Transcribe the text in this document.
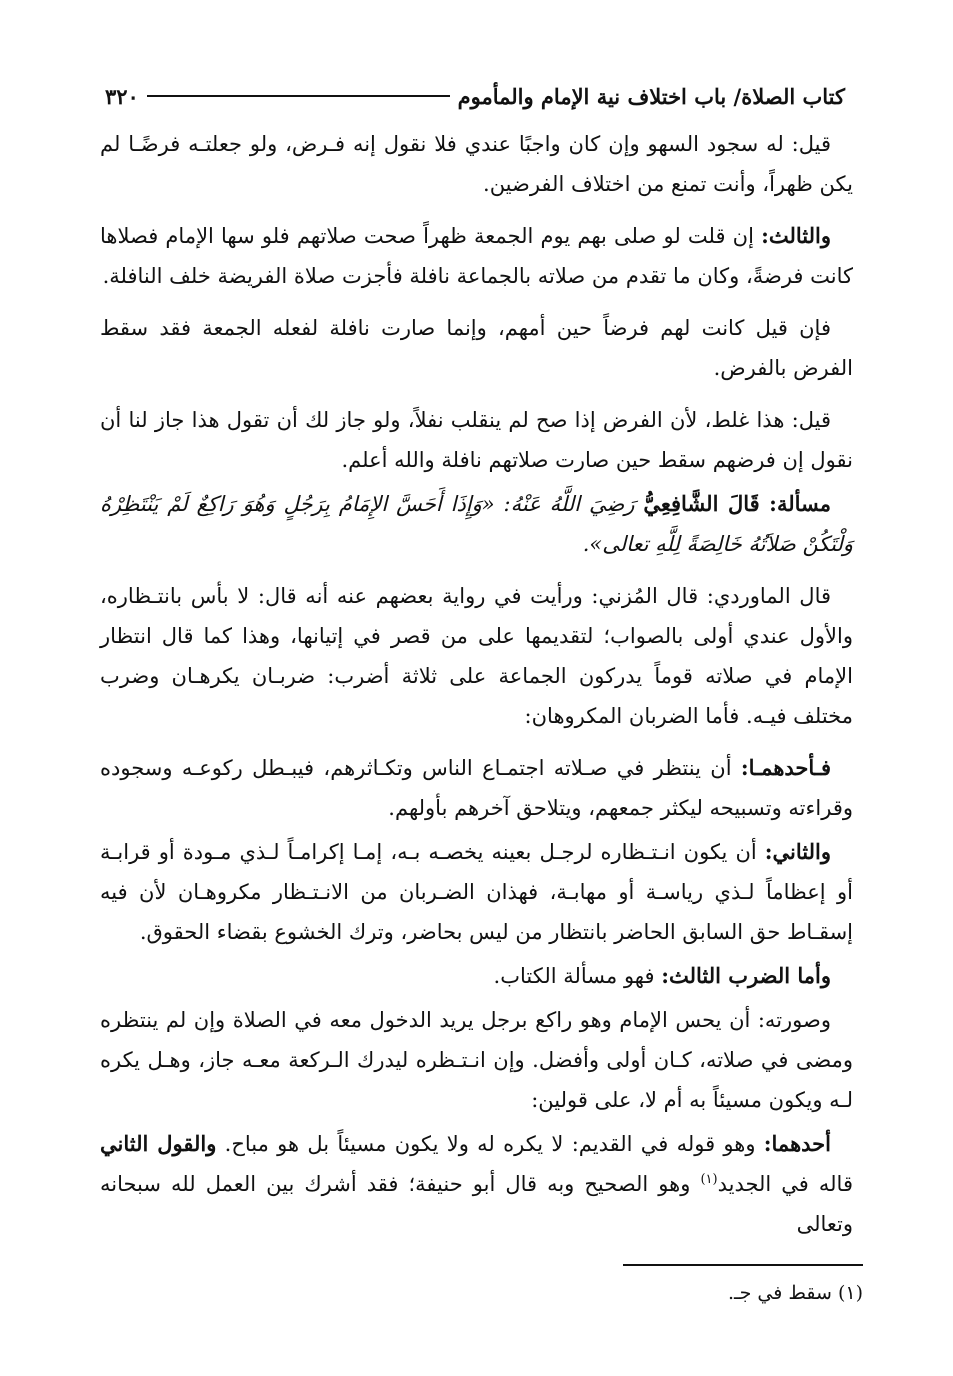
كتاب الصلاة/ باب اختلاف نية الإمام والمأموم
٣٢٠

قيل: له سجود السهو وإن كان واجبًا عندي فلا نقول إنه فـرض، ولو جعلتـه فرضًـا لم يكن ظهراً، وأنت تمنع من اختلاف الفرضين.

والثالث: إن قلت لو صلى بهم يوم الجمعة ظهراً صحت صلاتهم فلو سها الإمام فصلاها كانت فرضةً، وكان ما تقدم من صلاته بالجماعة نافلة فأجزت صلاة الفريضة خلف النافلة.

فإن قيل كانت لهم فرضاً حين أمهم، وإنما صارت نافلة لفعله الجمعة فقد سقط الفرض بالفرض.

قيل: هذا غلط، لأن الفرض إذا صح لم ينقلب نفلاً، ولو جاز لك أن تقول هذا جاز لنا أن نقول إن فرضهم سقط حين صارت صلاتهم نافلة والله أعلم.

مسألة: قَالَ الشَّافِعِيُّ رَضِيَ اللَّهُ عَنْهُ: «وَإِذَا أَحَسَّ الإِمَامُ بِرَجُلٍ وَهُوَ رَاكِعٌ لَمْ يَنْتَظِرْهُ وَلْتَكُنْ صَلاَتُهُ خَالِصَةً لِلَّهِ تعالى».

قال الماوردي: قال المُزني: ورأيت في رواية بعضهم عنه أنه قال: لا بأس بانتـظاره، والأول عندي أولى بالصواب؛ لتقديمها على من قصر في إتيانها، وهذا كما قال انتظار الإمام في صلاته قوماً يدركون الجماعة على ثلاثة أضرب: ضربـان يكرهـان وضرب مختلف فيـه. فأما الضربان المكروهان:

فـأحدهمـا: أن ينتظر في صـلاته اجتمـاع الناس وتكـاثرهم، فيبـطل ركوعـه وسجوده وقراءته وتسبيحه ليكثر جمعهم، ويتلاحق آخرهم بأولهم.

والثاني: أن يكون انـتـظاره لرجـل بعينه يخصـه بـه، إمـا إكرامـاً لـذي مـودة أو قرابـة أو إعظاماً لـذي رياسـة أو مهابـة، فهذان الضـربان من الانـتـظار مكروهـان لأن فيه إسقـاط حق السابق الحاضر بانتظار من ليس بحاضر، وترك الخشوع بقضاء الحقوق.

وأما الضرب الثالث: فهو مسألة الكتاب.

وصورته: أن يحس الإمام وهو راكع برجل يريد الدخول معه في الصلاة وإن لم ينتظره ومضى في صلاته، كـان أولى وأفضل. وإن انـتـظره ليدرك الـركعة معـه جاز، وهـل يكره لـه ويكون مسيئاً به أم لا، على قولين:

أحدهما: وهو قوله في القديم: لا يكره له ولا يكون مسيئاً بل هو مباح. والقول الثاني قاله في الجديد$^{(١)}$ وهو الصحيح وبه قال أبو حنيفة؛ فقد أشرك بين العمل لله سبحانه وتعالى

(١) سقط في جـ.
